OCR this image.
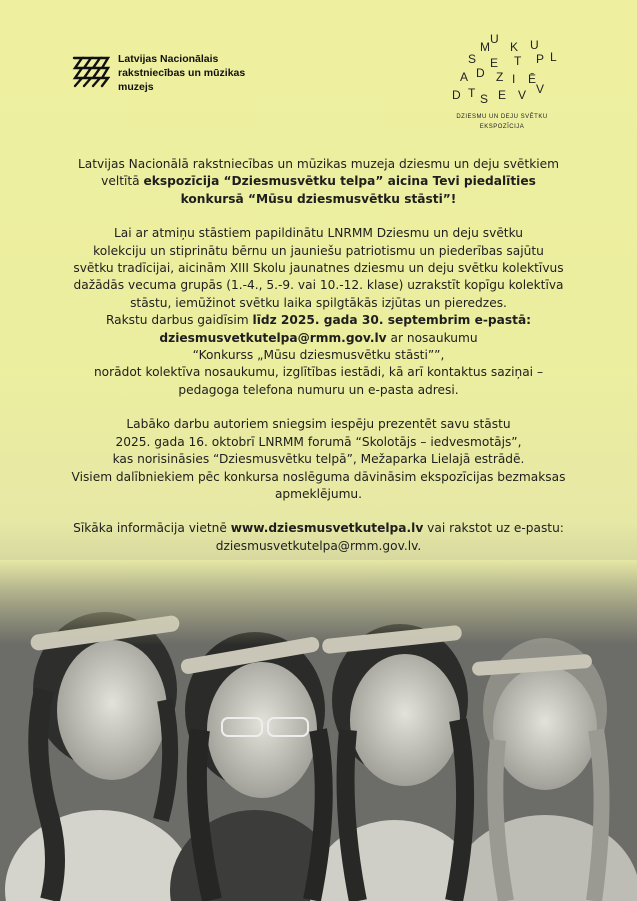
Latvijas Nacionālais
rakstniecības un mūzikas
muzejs
M
U
K U
S E T P L
A D Z I Ē
V
T E
D S V
DZIESMU UN DEJU SVĒTKU
EKSPOZĪCIJA

Latvijas Nacionālā rakstniecības un mūzikas muzeja dziesmu un deju svētkiem

veltītā ekspozīcija “Dziesmusvētku telpa” aicina Tevi piedalīties

konkursā “Mūsu dziesmusvētku stāsti”!

Lai ar atmiņu stāstiem papildinātu LNRMM Dziesmu un deju svētku

kolekciju un stiprinātu bērnu un jauniešu patriotismu un piederības sajūtu

svētku tradīcijai, aicinām XIII Skolu jaunatnes dziesmu un deju svētku kolektīvus

dažādās vecuma grupās (1.-4., 5.-9. vai 10.-12. klase) uzrakstīt kopīgu kolektīva

stāstu, iemūžinot svētku laika spilgtākās izjūtas un pieredzes.

Rakstu darbus gaidīsim līdz 2025. gada 30. septembrim e-pastā:

dziesmusvetkutelpa@rmm.gov.lv ar nosaukumu

“Konkurss „Mūsu dziesmusvētku stāsti””,

norādot kolektīva nosaukumu, izglītības iestādi, kā arī kontaktus saziņai –

pedagoga telefona numuru un e-pasta adresi.

Labāko darbu autoriem sniegsim iespēju prezentēt savu stāstu

2025. gada 16. oktobrī LNRMM forumā “Skolotājs – iedvesmotājs”,

kas norisināsies “Dziesmusvētku telpā”, Mežaparka Lielajā estrādē.

Visiem dalībniekiem pēc konkursa noslēguma dāvināsim ekspozīcijas bezmaksas

apmeklējumu.

Sīkāka informācija vietnē www.dziesmusvetkutelpa.lv vai rakstot uz e-pastu:

dziesmusvetkutelpa@rmm.gov.lv.
